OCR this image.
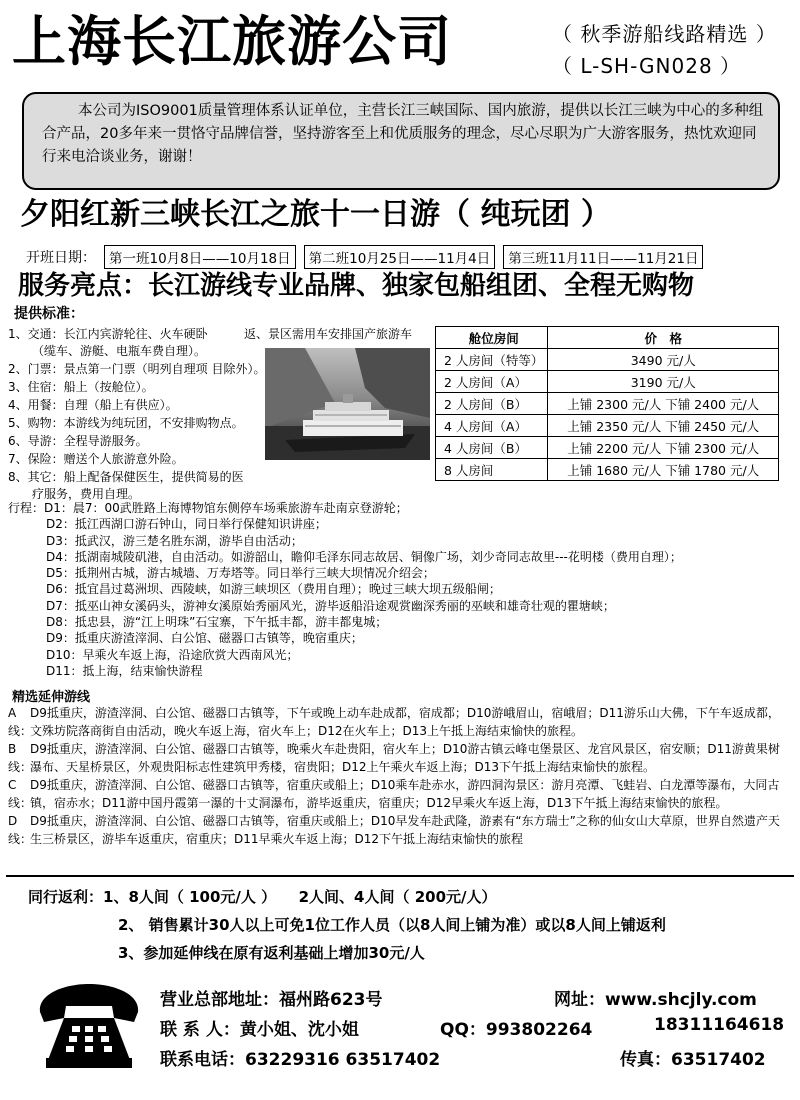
上海长江旅游公司	（ 秋季游船线路精选 ）
（ L-SH-GN028 ）
本公司为ISO9001质量管理体系认证单位，主营长江三峡国际、国内旅游，提供以长江三峡为中心的多种组合产品，20多年来一贯恪守品牌信誉，坚持游客至上和优质服务的理念，尽心尽职为广大游客服务，热忱欢迎同行来电洽谈业务，谢谢！
夕阳红新三峡长江之旅十一日游（ 纯玩团 ）
开班日期： 第一班10月8日——10月18日	第二班10月25日——11月4日	第三班11月11日——11月21日
服务亮点：长江游线专业品牌、独家包船组团、全程无购物
提供标准：
1、交通：长江内宾游轮往、火车硬卧	返、景区需用车安排国产旅游车
（缆车、游艇、电瓶车费自理）。
2、门票：景点第一门票（明列自理项 目除外）。
3、住宿：船上（按舱位）。
4、用餐：自理（船上有供应）。
5、购物：本游线为纯玩团，不安排购物点。
6、导游：全程导游服务。
7、保险：赠送个人旅游意外险。
8、其它：船上配备保健医生，提供简易的医
疗服务，费用自理。
舱位房间	价　格
2 人房间（特等）	3490 元/人
2 人房间（A）	3190 元/人
2 人房间（B）	上铺 2300 元/人 下铺 2400 元/人
4 人房间（A）	上铺 2350 元/人 下铺 2450 元/人
4 人房间（B）	上铺 2200 元/人 下铺 2300 元/人
8 人房间	上铺 1680 元/人 下铺 1780 元/人
行程：D1：晨7：00武胜路上海博物馆东侧停车场乘旅游车赴南京登游轮；
D2：抵江西湖口游石钟山，同日举行保健知识讲座；
D3：抵武汉，游三楚名胜东湖，游毕自由活动；
D4：抵湖南城陵矶港，自由活动。如游韶山，瞻仰毛泽东同志故居、铜像广场，刘少奇同志故里---花明楼（费用自理）；
D5：抵荆州古城，游古城墙、万寿塔等。同日举行三峡大坝情况介绍会；
D6：抵宜昌过葛洲坝、西陵峡，如游三峡坝区（费用自理）；晚过三峡大坝五级船闸；
D7：抵巫山神女溪码头，游神女溪原始秀丽风光，游毕返船沿途观赏幽深秀丽的巫峡和雄奇壮观的瞿塘峡；
D8：抵忠县，游“江上明珠”石宝寨，下午抵丰都，游丰都鬼城；
D9：抵重庆游渣滓洞、白公馆、磁器口古镇等，晚宿重庆；
D10：早乘火车返上海，沿途欣赏大西南风光；
D11：抵上海，结束愉快游程
精选延伸游线
A线：
D9抵重庆，游渣滓洞、白公馆、磁器口古镇等，下午或晚上动车赴成都，宿成都；D10游峨眉山，宿峨眉；D11游乐山大佛，下午车返成都，文殊坊院落商街自由活动，晚火车返上海，宿火车上；D12在火车上；D13上午抵上海结束愉快的旅程。
B线：
D9抵重庆，游渣滓洞、白公馆、磁器口古镇等，晚乘火车赴贵阳，宿火车上；D10游古镇云峰屯堡景区、龙宫风景区，宿安顺；D11游黄果树瀑布、天星桥景区，外观贵阳标志性建筑甲秀楼，宿贵阳；D12上午乘火车返上海；D13下午抵上海结束愉快的旅程。
C线：
D9抵重庆，游渣滓洞、白公馆、磁器口古镇等，宿重庆或船上；D10乘车赴赤水，游四洞沟景区：游月亮潭、飞蛙岩、白龙潭等瀑布，大同古镇，宿赤水；D11游中国丹霞第一瀑的十丈洞瀑布，游毕返重庆，宿重庆；D12早乘火车返上海，D13下午抵上海结束愉快的旅程。
D线：
D9抵重庆，游渣滓洞、白公馆、磁器口古镇等，宿重庆或船上；D10早发车赴武隆，游素有“东方瑞士”之称的仙女山大草原，世界自然遗产天生三桥景区，游毕车返重庆，宿重庆；D11早乘火车返上海；D12下午抵上海结束愉快的旅程
同行返利：1、8人间（ 100元/人 ）　　2人间、4人间（ 200元/人）
2、 销售累计30人以上可免1位工作人员（以8人间上铺为准）或以8人间上铺返利
3、参加延伸线在原有返利基础上增加30元/人
营业总部地址：福州路623号	网址：www.shcjly.com
联 系 人：黄小姐、沈小姐	QQ：993802264	18311164618
联系电话：63229316 63517402	传真：63517402
